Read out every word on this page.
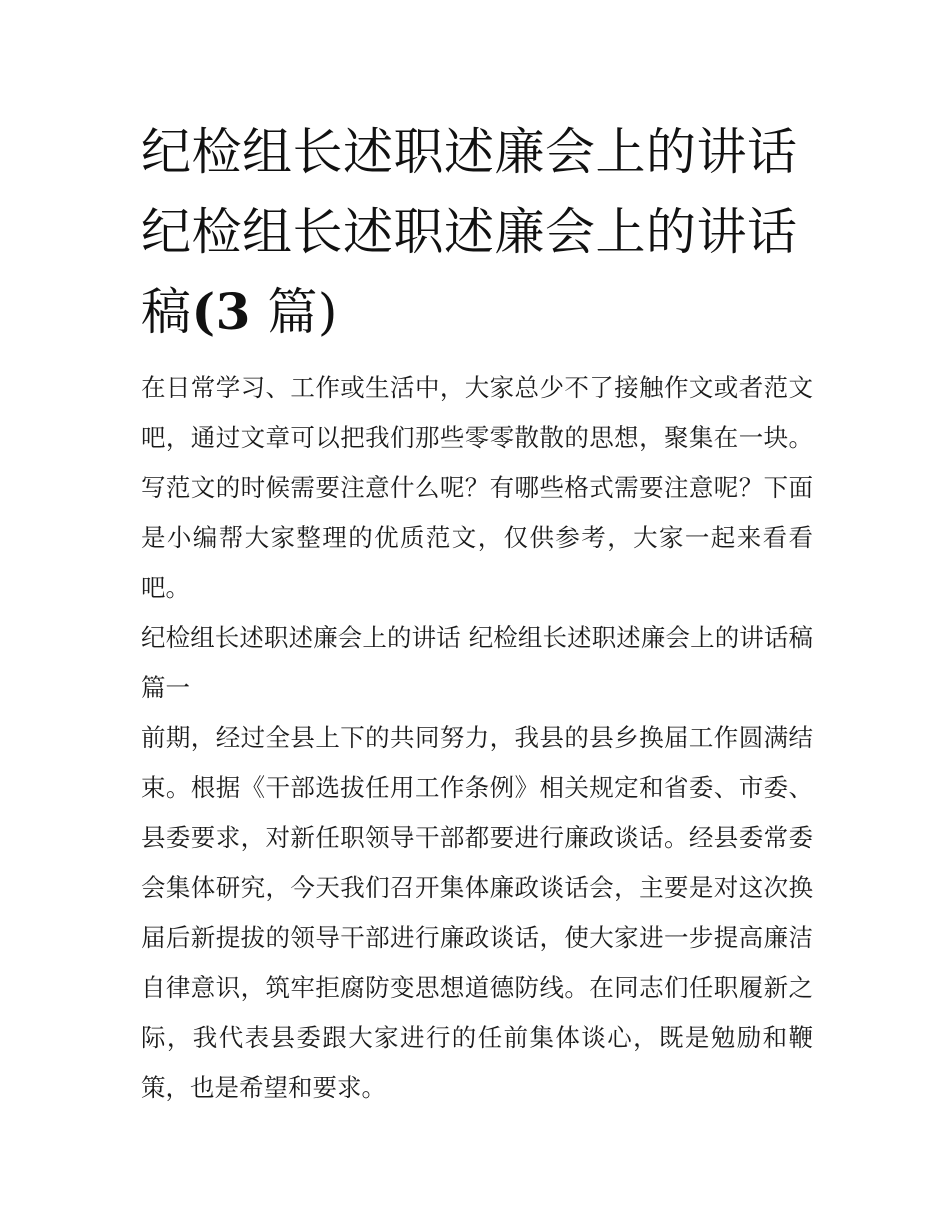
纪检组长述职述廉会上的讲话 纪检组长述职述廉会上的讲话稿(3 篇)

在日常学习、工作或生活中，大家总少不了接触作文或者范文吧，通过文章可以把我们那些零零散散的思想，聚集在一块。写范文的时候需要注意什么呢？有哪些格式需要注意呢？下面是小编帮大家整理的优质范文，仅供参考，大家一起来看看吧。

纪检组长述职述廉会上的讲话 纪检组长述职述廉会上的讲话稿篇一

前期，经过全县上下的共同努力，我县的县乡换届工作圆满结束。根据《干部选拔任用工作条例》相关规定和省委、市委、县委要求，对新任职领导干部都要进行廉政谈话。经县委常委会集体研究，今天我们召开集体廉政谈话会，主要是对这次换届后新提拔的领导干部进行廉政谈话，使大家进一步提高廉洁自律意识，筑牢拒腐防变思想道德防线。在同志们任职履新之际，我代表县委跟大家进行的任前集体谈心，既是勉励和鞭策，也是希望和要求。
